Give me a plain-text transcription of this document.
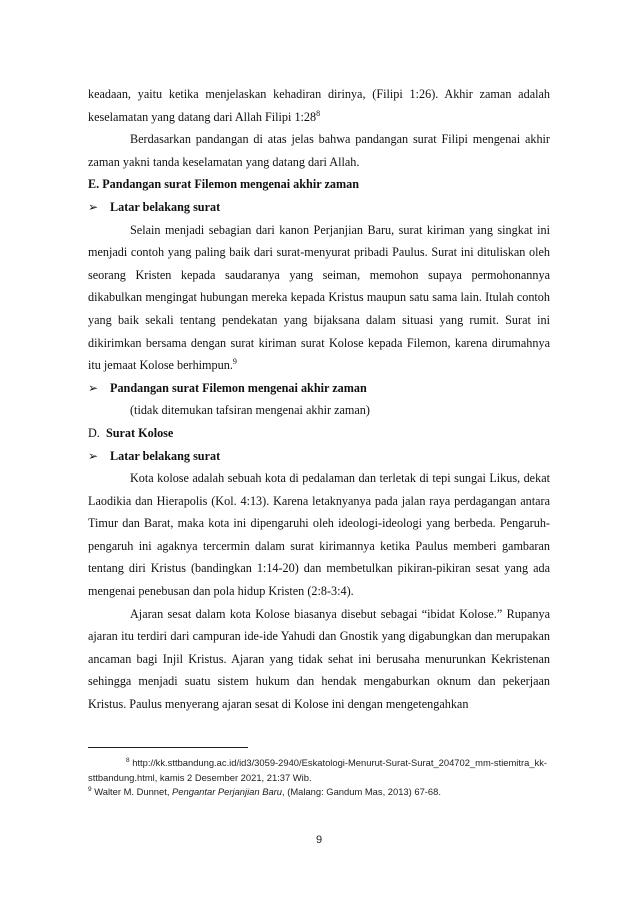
keadaan, yaitu ketika menjelaskan kehadiran dirinya, (Filipi 1:26). Akhir zaman adalah keselamatan yang datang dari Allah Filipi $1:28^8$

Berdasarkan pandangan di atas jelas bahwa pandangan surat Filipi mengenai akhir zaman yakni tanda keselamatan yang datang dari Allah.

E. Pandangan surat Filemon mengenai akhir zaman

➢ Latar belakang surat

Selain menjadi sebagian dari kanon Perjanjian Baru, surat kiriman yang singkat ini menjadi contoh yang paling baik dari surat-menyurat pribadi Paulus. Surat ini dituliskan oleh seorang Kristen kepada saudaranya yang seiman, memohon supaya permohonannya dikabulkan mengingat hubungan mereka kepada Kristus maupun satu sama lain. Itulah contoh yang baik sekali tentang pendekatan yang bijaksana dalam situasi yang rumit. Surat ini dikirimkan bersama dengan surat kiriman surat Kolose kepada Filemon, karena dirumahnya itu jemaat Kolose berhimpun.$^9$

➢ Pandangan surat Filemon mengenai akhir zaman

(tidak ditemukan tafsiran mengenai akhir zaman)

D. Surat Kolose

➢ Latar belakang surat

Kota kolose adalah sebuah kota di pedalaman dan terletak di tepi sungai Likus, dekat Laodikia dan Hierapolis (Kol. 4:13). Karena letaknyanya pada jalan raya perdagangan antara Timur dan Barat, maka kota ini dipengaruhi oleh ideologi-ideologi yang berbeda. Pengaruh-pengaruh ini agaknya tercermin dalam surat kirimannya ketika Paulus memberi gambaran tentang diri Kristus (bandingkan 1:14-20) dan membetulkan pikiran-pikiran sesat yang ada mengenai penebusan dan pola hidup Kristen (2:8-3:4).

Ajaran sesat dalam kota Kolose biasanya disebut sebagai “ibidat Kolose.” Rupanya ajaran itu terdiri dari campuran ide-ide Yahudi dan Gnostik yang digabungkan dan merupakan ancaman bagi Injil Kristus. Ajaran yang tidak sehat ini berusaha menurunkan Kekristenan sehingga menjadi suatu sistem hukum dan hendak mengaburkan oknum dan pekerjaan Kristus. Paulus menyerang ajaran sesat di Kolose ini dengan mengetengahkan

$^8$ http://kk.sttbandung.ac.id/id3/3059-2940/Eskatologi-Menurut-Surat-Surat_204702_mm-stiemitra_kk-sttbandung.html, kamis 2 Desember 2021, 21:37 Wib.

$^9$ Walter M. Dunnet, Pengantar Perjanjian Baru, (Malang: Gandum Mas, 2013) 67-68.

9
